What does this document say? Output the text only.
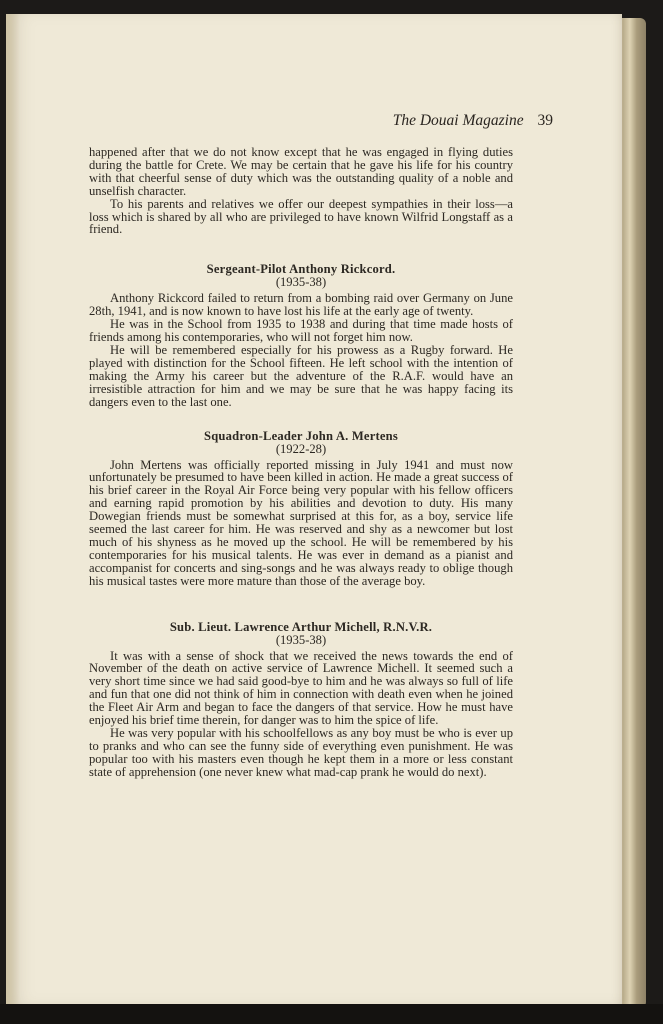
The Douai Magazine 39

happened after that we do not know except that he was engaged in flying duties during the battle for Crete. We may be certain that he gave his life for his country with that cheerful sense of duty which was the outstanding quality of a noble and unselfish character.

To his parents and relatives we offer our deepest sympathies in their loss—a loss which is shared by all who are privileged to have known Wilfrid Longstaff as a friend.

Sergeant-Pilot Anthony Rickcord.
(1935-38)

Anthony Rickcord failed to return from a bombing raid over Germany on June 28th, 1941, and is now known to have lost his life at the early age of twenty.

He was in the School from 1935 to 1938 and during that time made hosts of friends among his contemporaries, who will not forget him now.

He will be remembered especially for his prowess as a Rugby forward. He played with distinction for the School fifteen. He left school with the intention of making the Army his career but the adventure of the R.A.F. would have an irresistible attraction for him and we may be sure that he was happy facing its dangers even to the last one.

Squadron-Leader John A. Mertens
(1922-28)

John Mertens was officially reported missing in July 1941 and must now unfortunately be presumed to have been killed in action. He made a great success of his brief career in the Royal Air Force being very popular with his fellow officers and earning rapid promotion by his abilities and devotion to duty. His many Dowegian friends must be somewhat surprised at this for, as a boy, service life seemed the last career for him. He was reserved and shy as a newcomer but lost much of his shyness as he moved up the school. He will be remembered by his contemporaries for his musical talents. He was ever in demand as a pianist and accompanist for concerts and sing-songs and he was always ready to oblige though his musical tastes were more mature than those of the average boy.

Sub. Lieut. Lawrence Arthur Michell, R.N.V.R.
(1935-38)

It was with a sense of shock that we received the news towards the end of November of the death on active service of Lawrence Michell. It seemed such a very short time since we had said good-bye to him and he was always so full of life and fun that one did not think of him in connection with death even when he joined the Fleet Air Arm and began to face the dangers of that service. How he must have enjoyed his brief time therein, for danger was to him the spice of life.

He was very popular with his schoolfellows as any boy must be who is ever up to pranks and who can see the funny side of everything even punishment. He was popular too with his masters even though he kept them in a more or less constant state of apprehension (one never knew what mad-cap prank he would do next).
